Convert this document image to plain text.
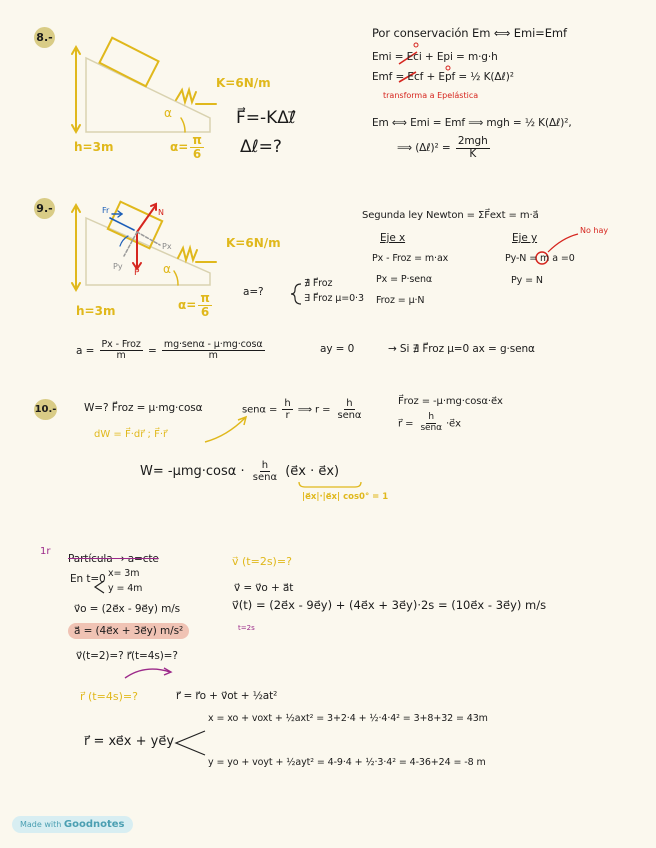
8.-
K=6N/m
h=3m
α
$\alpha= \frac{\pi}{6}$
F⃗=-KΔℓ⃗
Δℓ=?
Por conservación Em ⟺ Emi=Emf
Emi = Eci + Epi = m·g·h
Emf = Ecf + Epf = ½ K(Δℓ)²
transforma a Epelástica
Em ⟺ Emi = Emf ⟹ mgh = ½ K(Δℓ)²,
⟹ (Δℓ)² = $\frac{\text{2mgh}}{K}$
9.-	Fr	N
Px
Py
P α
K=6N/m
h=3m	$\alpha= \frac{\pi}{6}$	a=?
∄ F⃗roz
∃ F⃗roz μ=0·3
Segunda ley Newton = ΣF⃗ext = m·a⃗
Eje x	Eje y
Px - Froz = m·ax
Px = P·senα
Froz = μ·N
Py-N = m a =0
No hay
Py = N
$a = \frac{\text{Px - Froz}}{m} = \frac{\text{mg·senα - μ·mg·cosα}}{m}$	ay = 0	→ Si ∄ F⃗roz μ=0 ax = g·senα
10.-	W=? F⃗roz = μ·mg·cosα
dW = F⃗·dr⃗ ; F⃗·r⃗
$sen\alpha = \frac{h}{r}$ ⟹ $r = \frac{h}{\text{senα}}$	F⃗roz = -μ·mg·cosα·e⃗x
r⃗ = $\frac{h}{\text{senα}}$ ·e⃗x
$W= -\mu mg\cdot\cos\alpha \cdot \frac{h}{\text{senα}}$ (e⃗x · e⃗x)
|e⃗x|·|e⃗x| cos0° = 1
1r
Partícula → a=cte
En t=0 x= 3m
y = 4m
v⃗o = (2e⃗x - 9e⃗y) m/s
a⃗ = (4e⃗x + 3e⃗y) m/s²
v⃗(t=2)=? r⃗(t=4s)=?
v⃗ (t=2s)=?
v⃗ = v⃗o + a⃗t
v⃗(t) = (2e⃗x - 9e⃗y) + (4e⃗x + 3e⃗y)·2s = (10e⃗x - 3e⃗y) m/s
t=2s
r⃗ (t=4s)=?	r⃗ = r⃗o + v⃗ot + ½at²
r⃗ = xe⃗x + ye⃗y
x = xo + voxt + ½axt² = 3+2·4 + ½·4·4² = 3+8+32 = 43m
y = yo + voyt + ½ayt² = 4-9·4 + ½·3·4² = 4-36+24 = -8 m
Made with Goodnotes
